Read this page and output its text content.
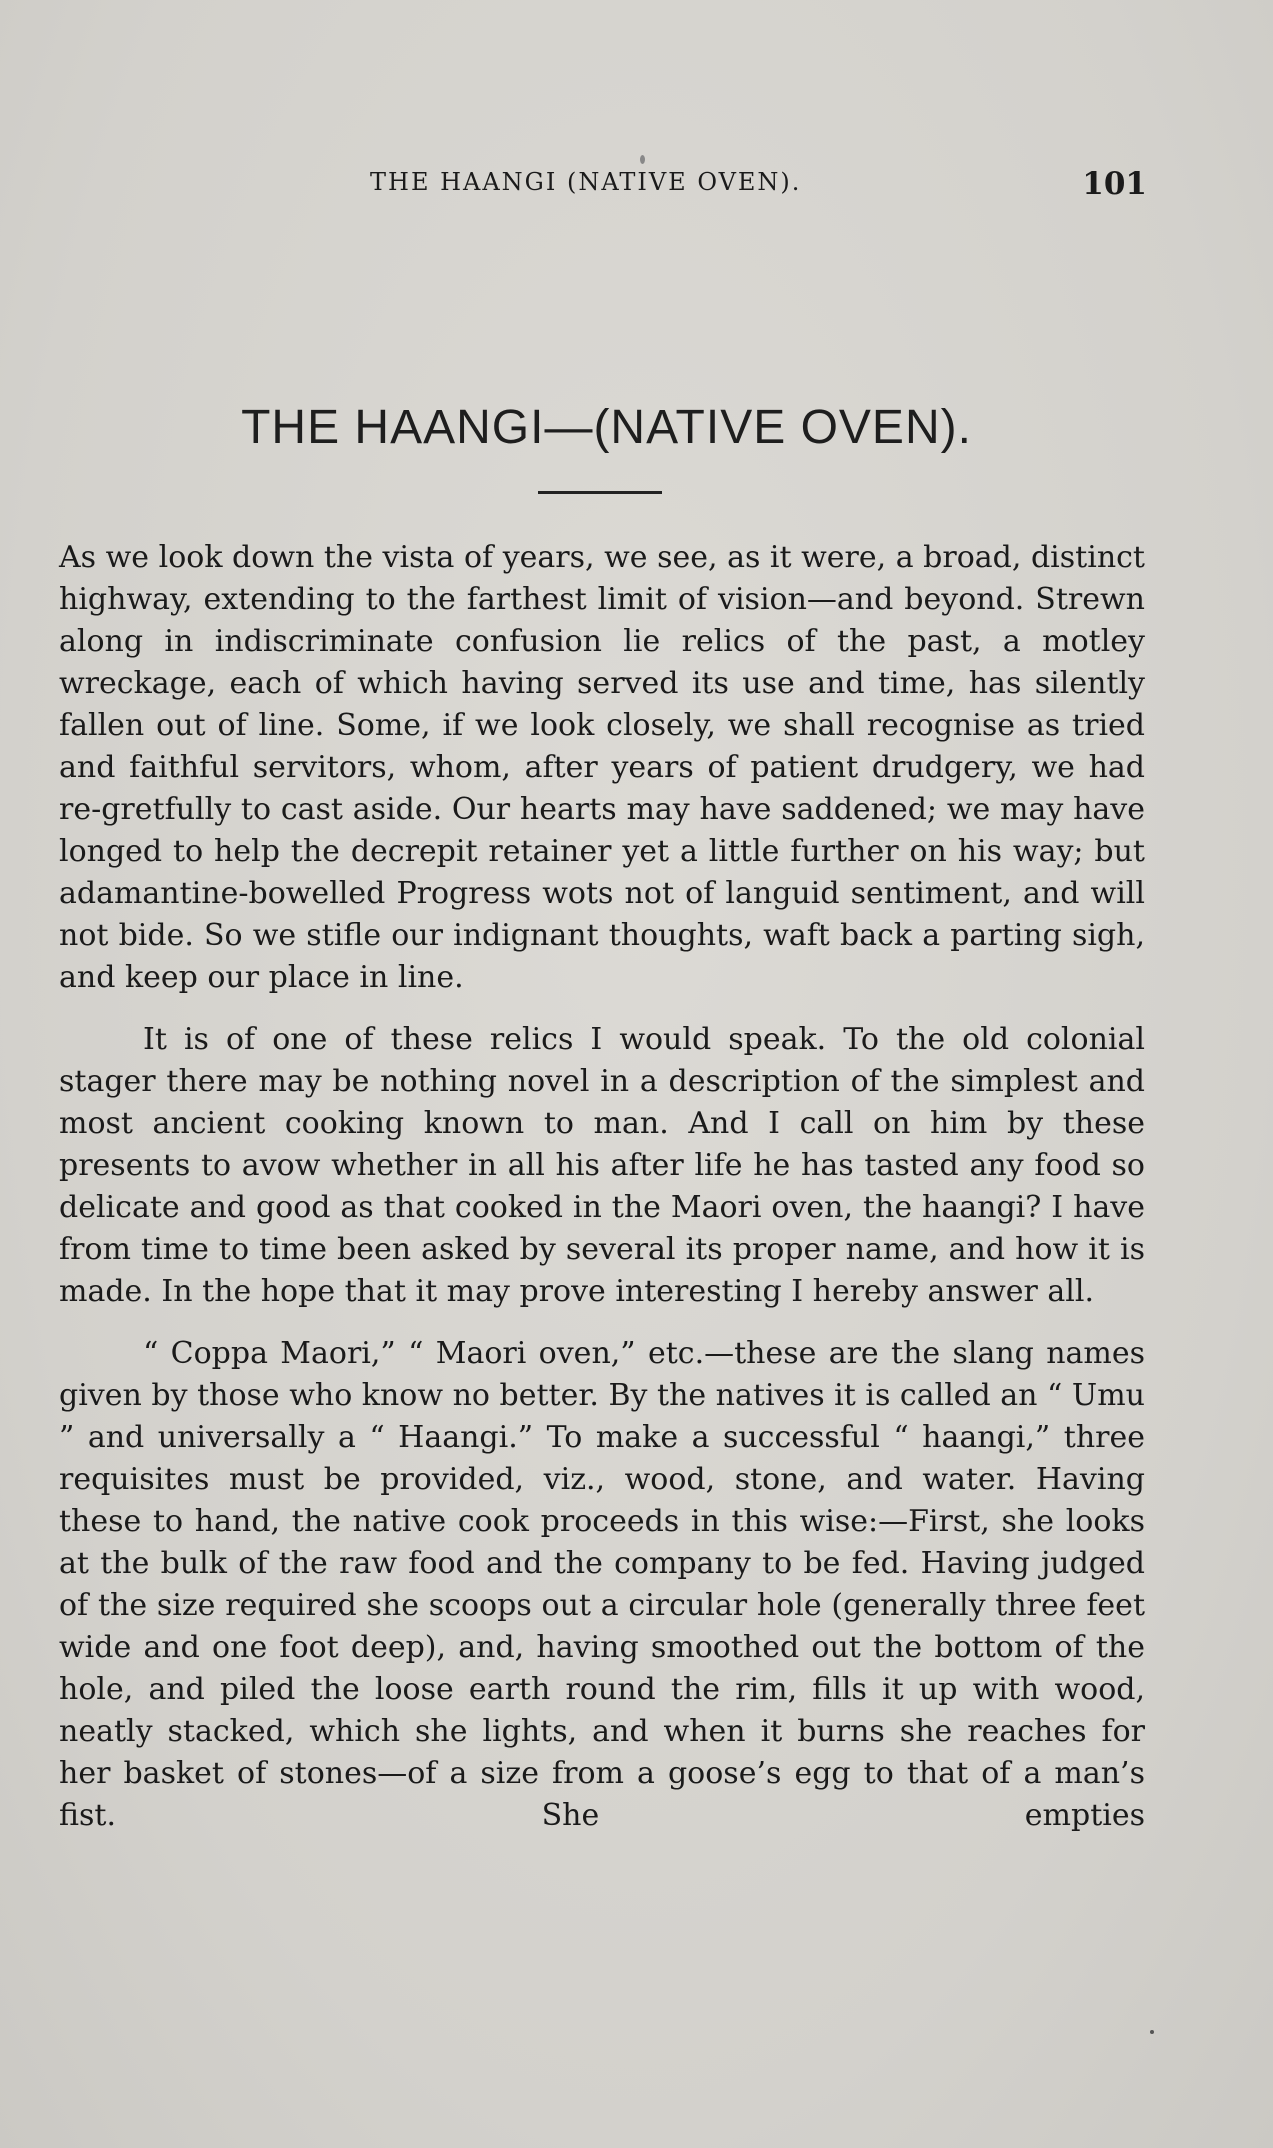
THE HAANGI (NATIVE OVEN).	101
THE HAANGI—(NATIVE OVEN).

As we look down the vista of years, we see, as it were, a broad, distinct highway, extending to the farthest limit of vision—and beyond. Strewn along in indiscriminate confusion lie relics of the past, a motley wreckage, each of which having served its use and time, has silently fallen out of line. Some, if we look closely, we shall recognise as tried and faithful servitors, whom, after years of patient drudgery, we had re-gretfully to cast aside. Our hearts may have saddened; we may have longed to help the decrepit retainer yet a little further on his way; but adamantine-bowelled Progress wots not of languid sentiment, and will not bide. So we stifle our indignant thoughts, waft back a parting sigh, and keep our place in line.

It is of one of these relics I would speak. To the old colonial stager there may be nothing novel in a description of the simplest and most ancient cooking known to man. And I call on him by these presents to avow whether in all his after life he has tasted any food so delicate and good as that cooked in the Maori oven, the haangi? I have from time to time been asked by several its proper name, and how it is made. In the hope that it may prove interesting I hereby answer all.

“ Coppa Maori,” “ Maori oven,” etc.—these are the slang names given by those who know no better. By the natives it is called an “ Umu ” and universally a “ Haangi.” To make a successful “ haangi,” three requisites must be provided, viz., wood, stone, and water. Having these to hand, the native cook proceeds in this wise:—First, she looks at the bulk of the raw food and the company to be fed. Having judged of the size required she scoops out a circular hole (generally three feet wide and one foot deep), and, having smoothed out the bottom of the hole, and piled the loose earth round the rim, fills it up with wood, neatly stacked, which she lights, and when it burns she reaches for her basket of stones—of a size from a goose’s egg to that of a man’s fist. She empties
